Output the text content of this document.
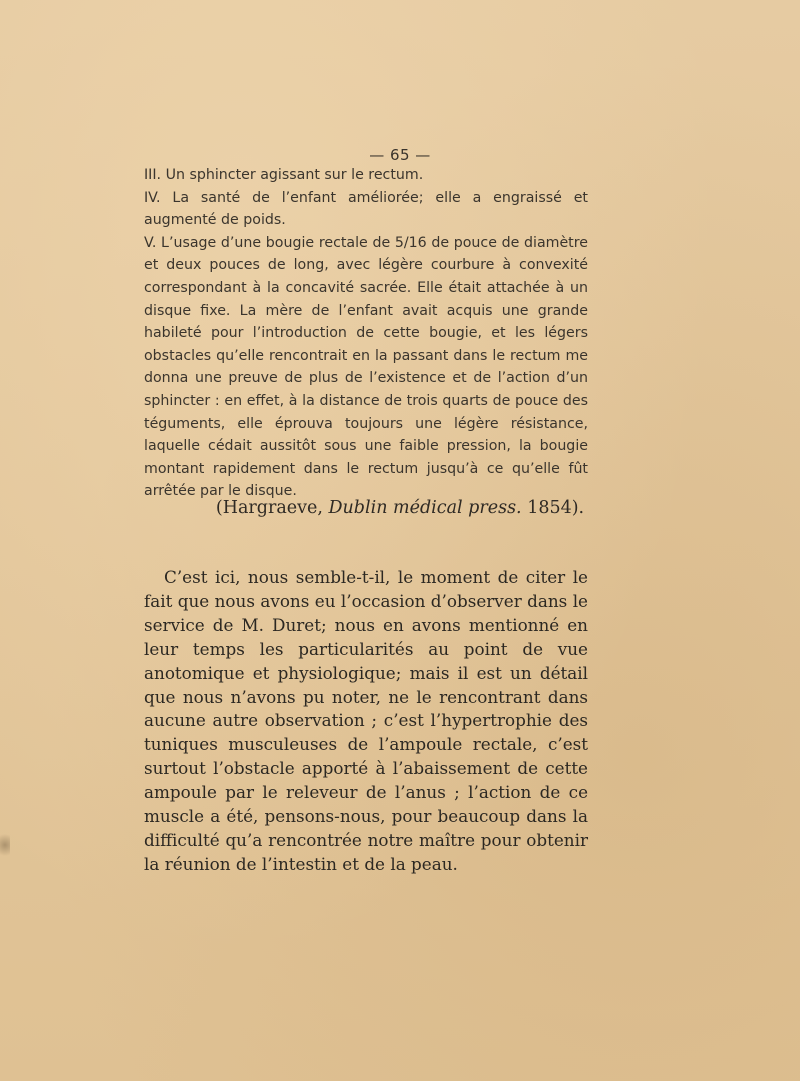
— 65 —

III. Un sphincter agissant sur le rectum.

IV. La santé de l’enfant améliorée; elle a engraissé et augmenté de poids.

V. L’usage d’une bougie rectale de 5/16 de pouce de diamètre et deux pouces de long, avec légère courbure à convexité correspondant à la concavité sacrée. Elle était attachée à un disque fixe. La mère de l’enfant avait acquis une grande habileté pour l’introduction de cette bougie, et les légers obstacles qu’elle rencontrait en la passant dans le rectum me donna une preuve de plus de l’existence et de l’action d’un sphincter : en effet, à la distance de trois quarts de pouce des téguments, elle éprouva toujours une légère résistance, laquelle cédait aussitôt sous une faible pression, la bougie montant rapidement dans le rectum jusqu’à ce qu’elle fût arrêtée par le disque.

(Hargraeve, Dublin médical press. 1854).

C’est ici, nous semble-t-il, le moment de citer le fait que nous avons eu l’occasion d’observer dans le service de M. Duret; nous en avons mentionné en leur temps les particularités au point de vue anotomique et physiologique; mais il est un détail que nous n’avons pu noter, ne le rencontrant dans aucune autre observation ; c’est l’hypertrophie des tuniques musculeuses de l’ampoule rectale, c’est surtout l’obstacle apporté à l’abaissement de cette ampoule par le releveur de l’anus ; l’action de ce muscle a été, pensons-nous, pour beaucoup dans la difficulté qu’a rencontrée notre maître pour obtenir la réunion de l’intestin et de la peau.
